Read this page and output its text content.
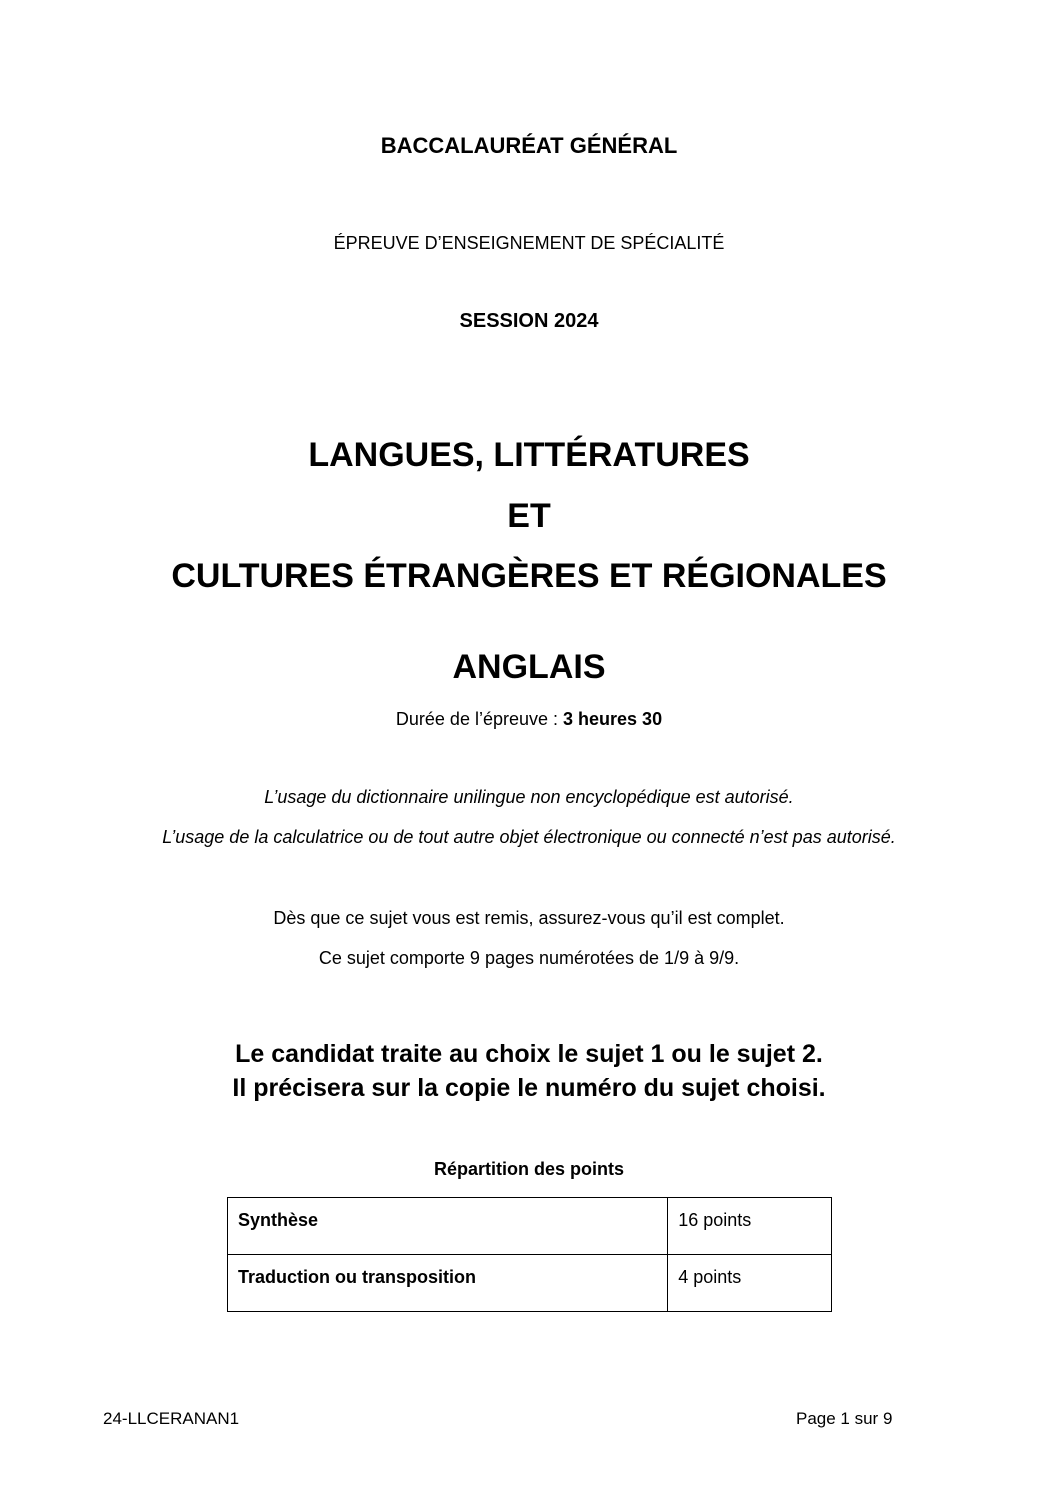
BACCALAURÉAT GÉNÉRAL
ÉPREUVE D’ENSEIGNEMENT DE SPÉCIALITÉ
SESSION 2024
LANGUES, LITTÉRATURES
ET
CULTURES ÉTRANGÈRES ET RÉGIONALES
ANGLAIS
Durée de l’épreuve : 3 heures 30
L’usage du dictionnaire unilingue non encyclopédique est autorisé.
L’usage de la calculatrice ou de tout autre objet électronique ou connecté n’est pas autorisé.
Dès que ce sujet vous est remis, assurez-vous qu’il est complet.
Ce sujet comporte 9 pages numérotées de 1/9 à 9/9.
Le candidat traite au choix le sujet 1 ou le sujet 2.
Il précisera sur la copie le numéro du sujet choisi.
Répartition des points
Synthèse	16 points
Traduction ou transposition	4 points
24-LLCERANAN1	Page 1 sur 9
